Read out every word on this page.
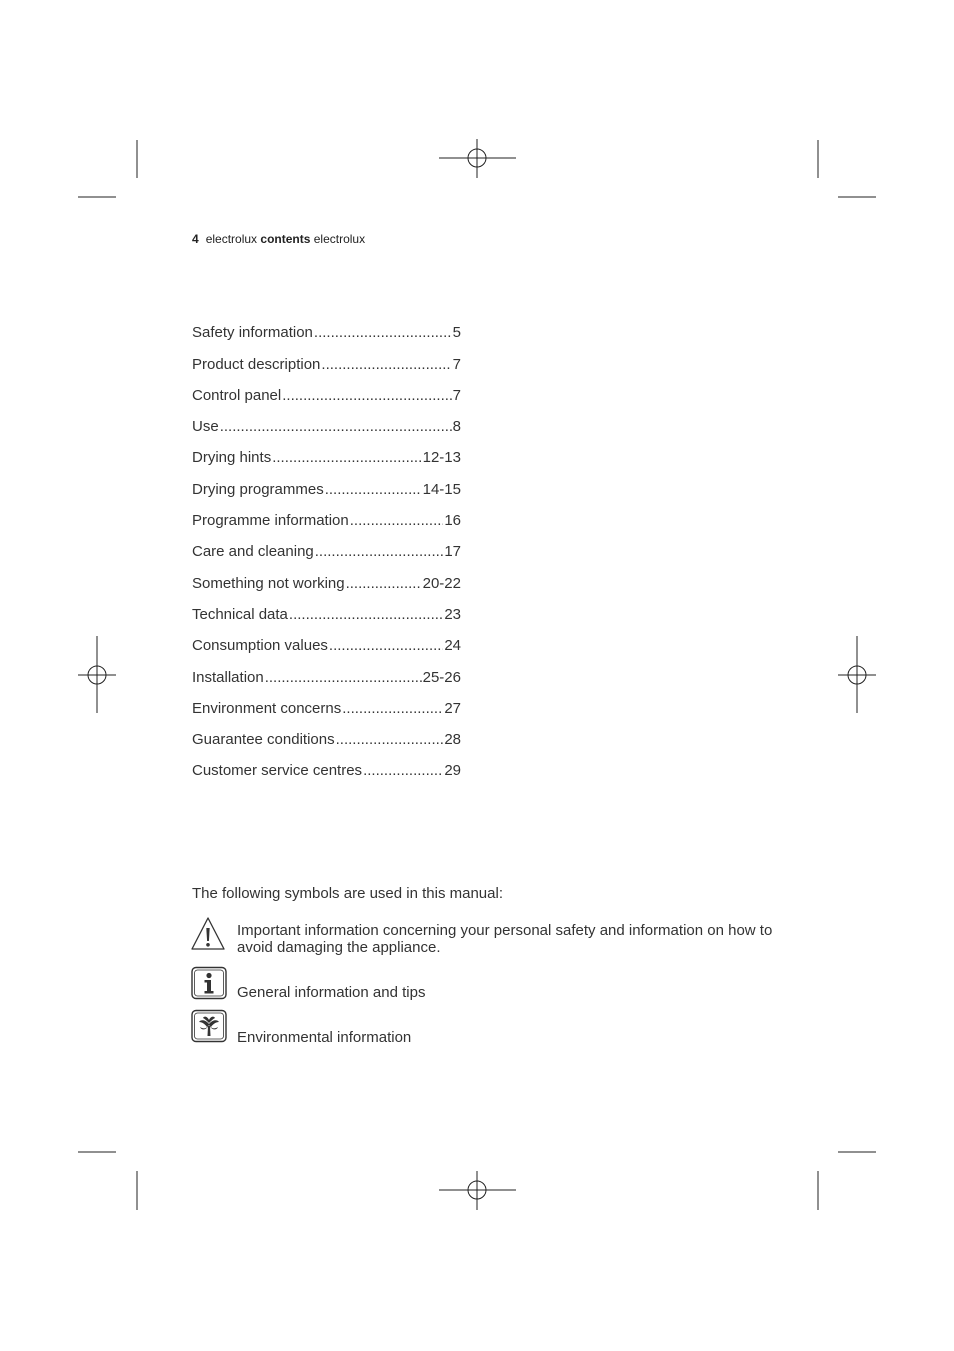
4 electrolux contents electrolux
Safety information .....	5
Product description .....	7
Control panel .....	7
Use .....	8
Drying hints .....	12-13
Drying programmes .....	14-15
Programme information .....	16
Care and cleaning .....	17
Something not working .....	20-22
Technical data .....	23
Consumption values .....	24
Installation .....	25-26
Environment concerns .....	27
Guarantee conditions .....	28
Customer service centres .....	29
The following symbols are used in this manual:
Important information concerning your personal safety and information on how to avoid damaging the appliance.
General information and tips
Environmental information
